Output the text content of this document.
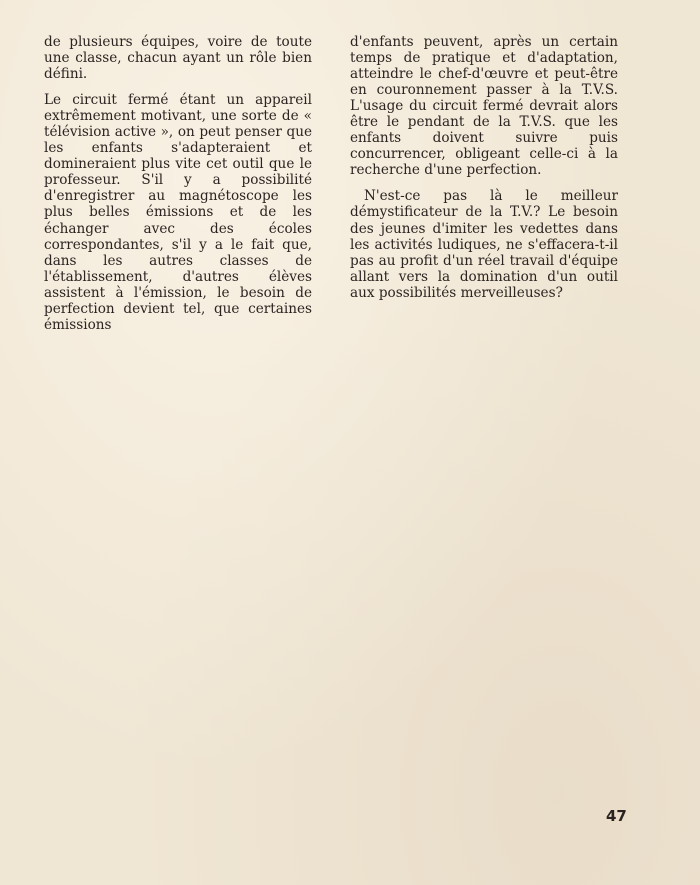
de plusieurs équipes, voire de toute une classe, chacun ayant un rôle bien défini.

Le circuit fermé étant un appareil extrêmement motivant, une sorte de « télévision active », on peut penser que les enfants s'adapteraient et domineraient plus vite cet outil que le professeur. S'il y a possibilité d'enregistrer au magnétoscope les plus belles émissions et de les échanger avec des écoles correspondantes, s'il y a le fait que, dans les autres classes de l'établissement, d'autres élèves assistent à l'émission, le besoin de perfection devient tel, que certaines émissions

d'enfants peuvent, après un certain temps de pratique et d'adaptation, atteindre le chef-d'œuvre et peut-être en couronnement passer à la T.V.S. L'usage du circuit fermé devrait alors être le pendant de la T.V.S. que les enfants doivent suivre puis concurrencer, obligeant celle-ci à la recherche d'une perfection.

N'est-ce pas là le meilleur démystificateur de la T.V.? Le besoin des jeunes d'imiter les vedettes dans les activités ludiques, ne s'effacera-t-il pas au profit d'un réel travail d'équipe allant vers la domination d'un outil aux possibilités merveilleuses?

47
